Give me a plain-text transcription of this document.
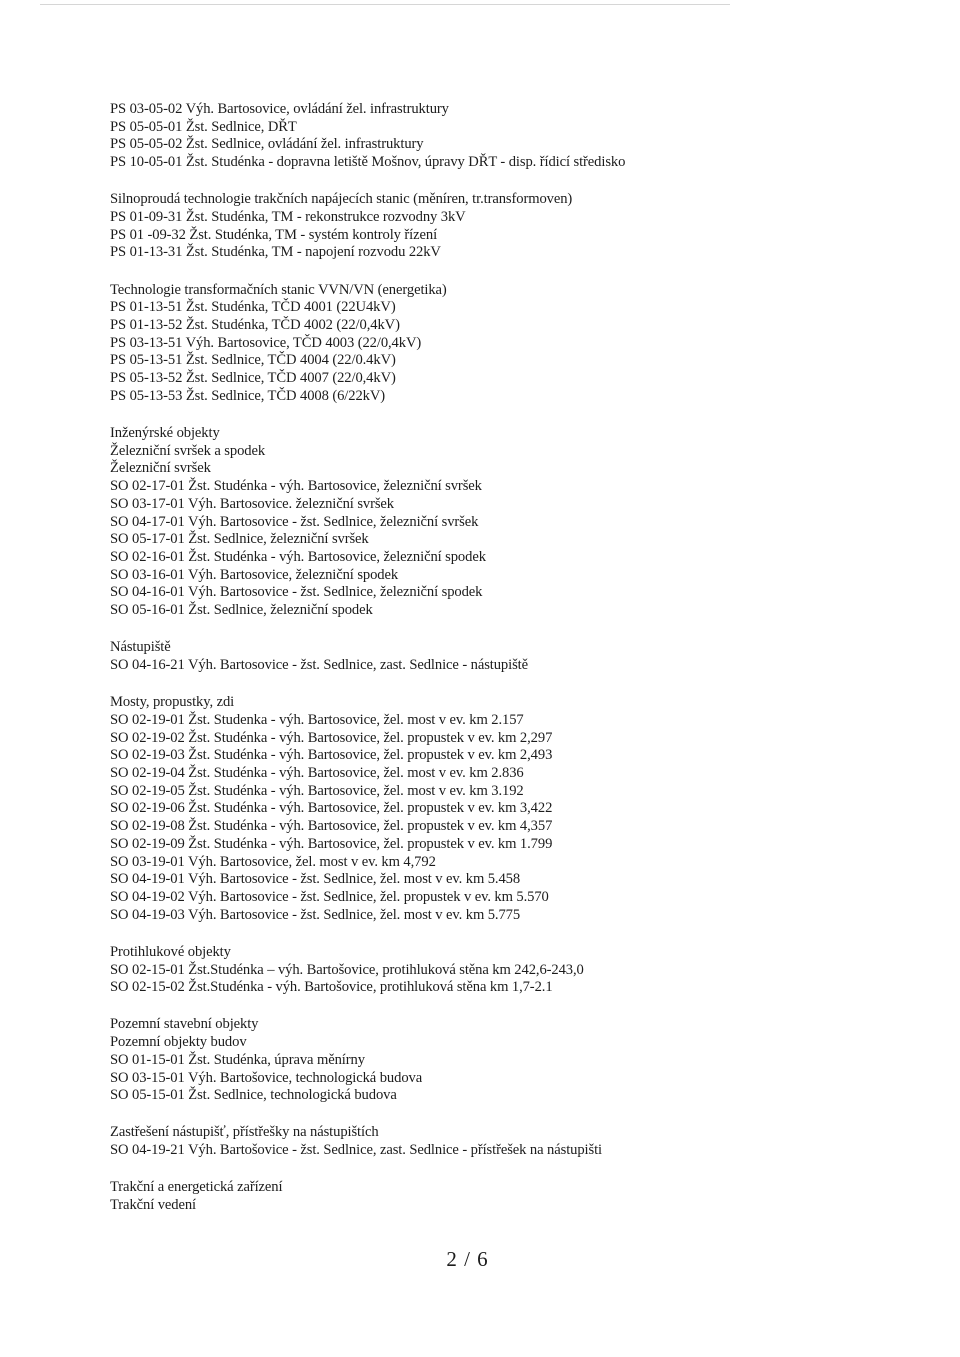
PS 03-05-02 Výh. Bartosovice, ovládání žel. infrastruktury
PS 05-05-01 Žst. Sedlnice, DŘT
PS 05-05-02 Žst. Sedlnice, ovládání žel. infrastruktury
PS 10-05-01 Žst. Studénka - dopravna letiště Mošnov, úpravy DŘT - disp. řídicí středisko
Silnoproudá technologie trakčních napájecích stanic (měníren, tr.transformoven)
PS 01-09-31 Žst. Studénka, TM - rekonstrukce rozvodny 3kV
PS 01 -09-32 Žst. Studénka, TM - systém kontroly řízení
PS 01-13-31 Žst. Studénka, TM - napojení rozvodu 22kV
Technologie transformačních stanic VVN/VN (energetika)
PS 01-13-51 Žst. Studénka, TČD 4001 (22U4kV)
PS 01-13-52 Žst. Studénka, TČD 4002 (22/0,4kV)
PS 03-13-51 Výh. Bartosovice, TČD 4003 (22/0,4kV)
PS 05-13-51 Žst. Sedlnice, TČD 4004 (22/0.4kV)
PS 05-13-52 Žst. Sedlnice, TČD 4007 (22/0,4kV)
PS 05-13-53 Žst. Sedlnice, TČD 4008 (6/22kV)
Inženýrské objekty
Železniční svršek a spodek
Železniční svršek
SO 02-17-01 Žst. Studénka - výh. Bartosovice, železniční svršek
SO 03-17-01 Výh. Bartosovice. železniční svršek
SO 04-17-01 Výh. Bartosovice - žst. Sedlnice, železniční svršek
SO 05-17-01 Žst. Sedlnice, železniční svršek
SO 02-16-01 Žst. Studénka - výh. Bartosovice, železniční spodek
SO 03-16-01 Výh. Bartosovice, železniční spodek
SO 04-16-01 Výh. Bartosovice - žst. Sedlnice, železniční spodek
SO 05-16-01 Žst. Sedlnice, železniční spodek
Nástupiště
SO 04-16-21 Výh. Bartosovice - žst. Sedlnice, zast. Sedlnice - nástupiště
Mosty, propustky, zdi
SO 02-19-01 Žst. Studenka - výh. Bartosovice, žel. most v ev. km 2.157
SO 02-19-02 Žst. Studénka - výh. Bartosovice, žel. propustek v ev. km 2,297
SO 02-19-03 Žst. Studénka - výh. Bartosovice, žel. propustek v ev. km 2,493
SO 02-19-04 Žst. Studénka - výh. Bartosovice, žel. most v ev. km 2.836
SO 02-19-05 Žst. Studénka - výh. Bartosovice, žel. most v ev. km 3.192
SO 02-19-06 Žst. Studénka - výh. Bartosovice, žel. propustek v ev. km 3,422
SO 02-19-08 Žst. Studénka - výh. Bartosovice, žel. propustek v ev. km 4,357
SO 02-19-09 Žst. Studénka - výh. Bartosovice, žel. propustek v ev. km 1.799
SO 03-19-01 Výh. Bartosovice, žel. most v ev. km 4,792
SO 04-19-01 Výh. Bartosovice - žst. Sedlnice, žel. most v ev. km 5.458
SO 04-19-02 Výh. Bartosovice - žst. Sedlnice, žel. propustek v ev. km 5.570
SO 04-19-03 Výh. Bartosovice - žst. Sedlnice, žel. most v ev. km 5.775
Protihlukové objekty
SO 02-15-01 Žst.Studénka – výh. Bartošovice, protihluková stěna km 242,6-243,0
SO 02-15-02 Žst.Studénka - výh. Bartošovice, protihluková stěna km 1,7-2.1
Pozemní stavební objekty
Pozemní objekty budov
SO 01-15-01 Žst. Studénka, úprava měnírny
SO 03-15-01 Výh. Bartošovice, technologická budova
SO 05-15-01 Žst. Sedlnice, technologická budova
Zastřešení nástupišť, přístřešky na nástupištích
SO 04-19-21 Výh. Bartošovice - žst. Sedlnice, zast. Sedlnice - přístřešek na nástupišti
Trakční a energetická zařízení
Trakční vedení
2 / 6
